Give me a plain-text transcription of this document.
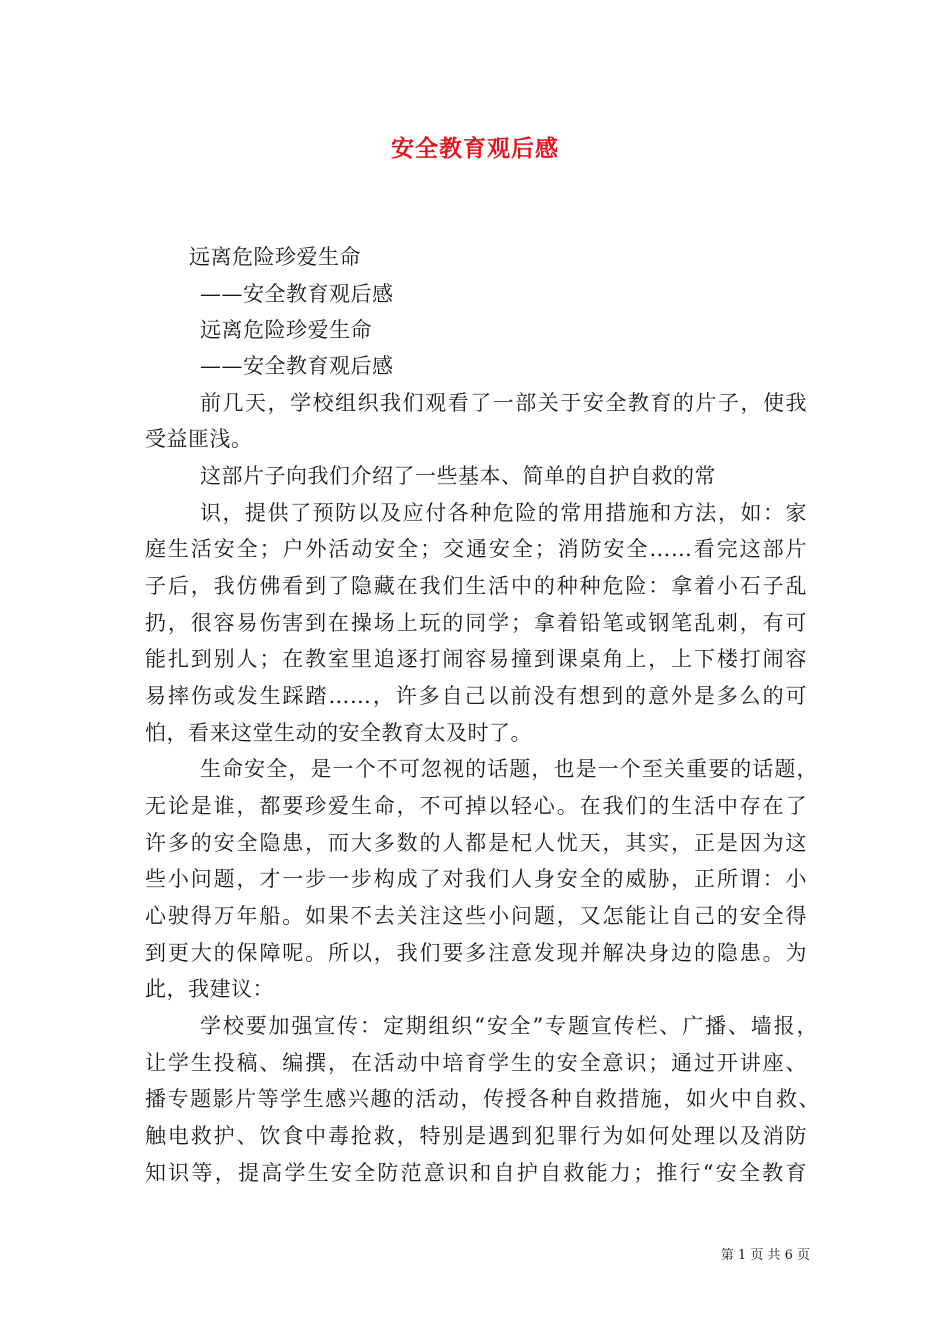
安全教育观后感
远离危险珍爱生命
——安全教育观后感
远离危险珍爱生命
——安全教育观后感
前几天，学校组织我们观看了一部关于安全教育的片子，使我
受益匪浅。
这部片子向我们介绍了一些基本、简单的自护自救的常
识，提供了预防以及应付各种危险的常用措施和方法，如：家
庭生活安全；户外活动安全；交通安全；消防安全……看完这部片
子后，我仿佛看到了隐藏在我们生活中的种种危险：拿着小石子乱
扔，很容易伤害到在操场上玩的同学；拿着铅笔或钢笔乱刺，有可
能扎到别人；在教室里追逐打闹容易撞到课桌角上，上下楼打闹容
易摔伤或发生踩踏……，许多自己以前没有想到的意外是多么的可
怕，看来这堂生动的安全教育太及时了。
生命安全，是一个不可忽视的话题，也是一个至关重要的话题，
无论是谁，都要珍爱生命，不可掉以轻心。在我们的生活中存在了
许多的安全隐患，而大多数的人都是杞人忧天，其实，正是因为这
些小问题，才一步一步构成了对我们人身安全的威胁，正所谓：小
心驶得万年船。如果不去关注这些小问题，又怎能让自己的安全得
到更大的保障呢。所以，我们要多注意发现并解决身边的隐患。为
此，我建议：
学校要加强宣传：定期组织“安全”专题宣传栏、广播、墙报，
让学生投稿、编撰，在活动中培育学生的安全意识；通过开讲座、
播专题影片等学生感兴趣的活动，传授各种自救措施，如火中自救、
触电救护、饮食中毒抢救，特别是遇到犯罪行为如何处理以及消防
知识等，提高学生安全防范意识和自护自救能力；推行“安全教育
第 1 页 共 6 页
